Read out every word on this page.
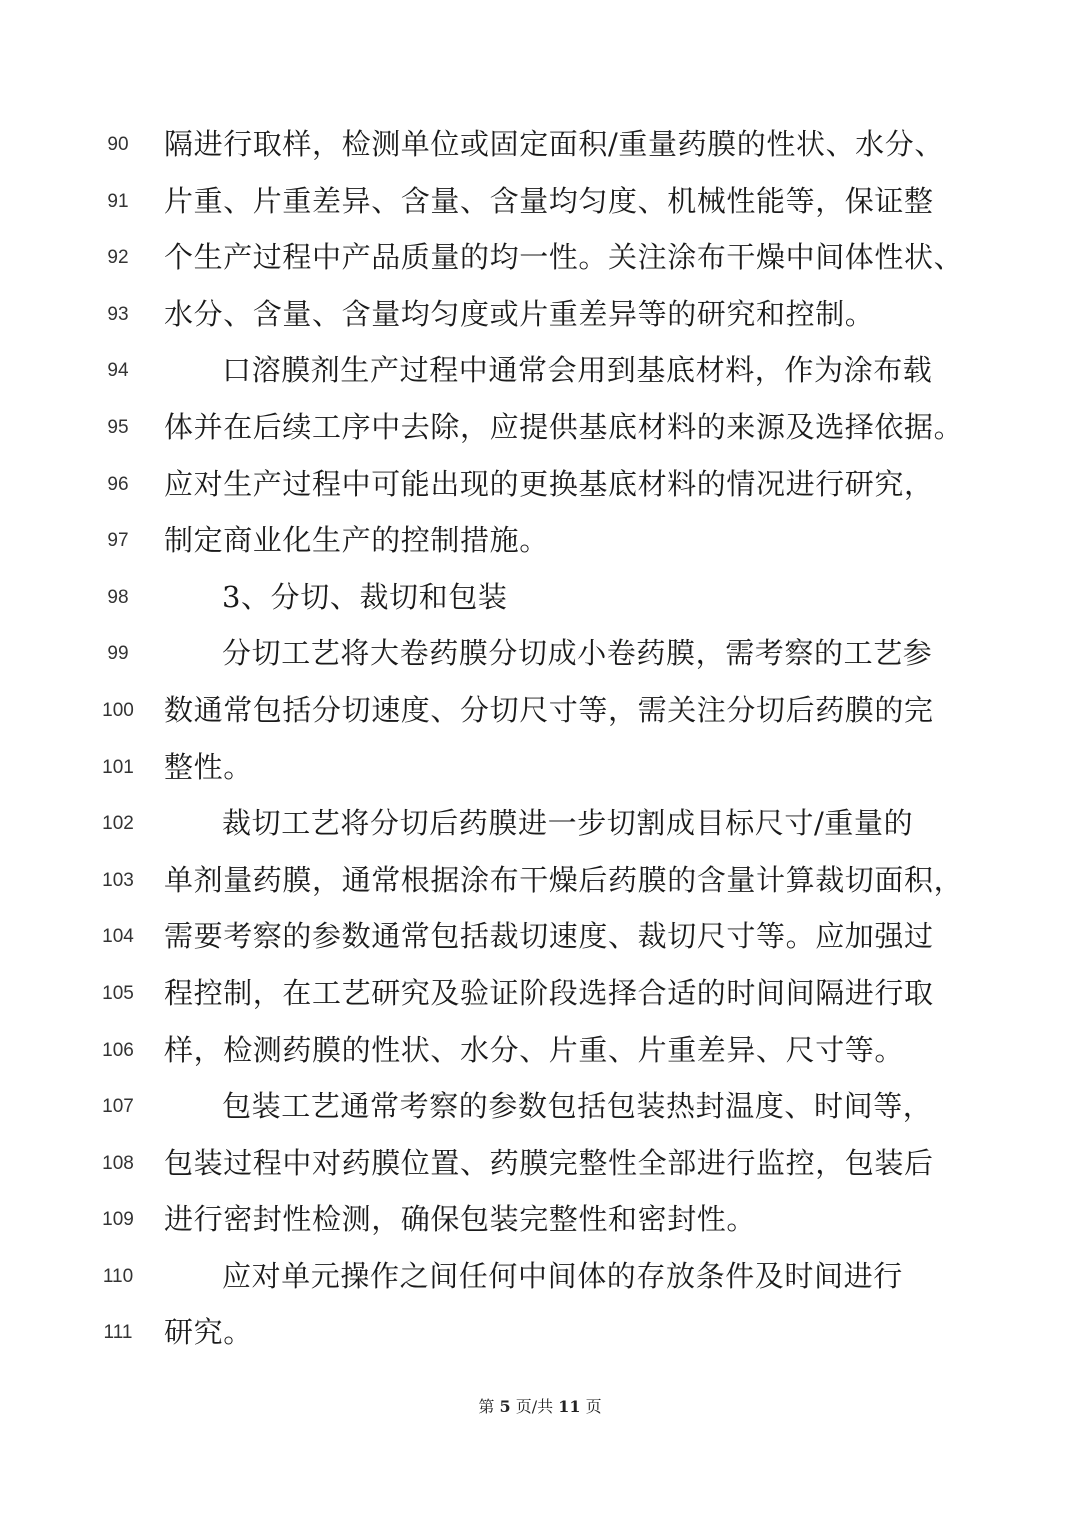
90	隔进行取样，检测单位或固定面积/重量药膜的性状、水分、
91	片重、片重差异、含量、含量均匀度、机械性能等，保证整
92	个生产过程中产品质量的均一性。关注涂布干燥中间体性状、
93	水分、含量、含量均匀度或片重差异等的研究和控制。
94	口溶膜剂生产过程中通常会用到基底材料，作为涂布载
95	体并在后续工序中去除，应提供基底材料的来源及选择依据。
96	应对生产过程中可能出现的更换基底材料的情况进行研究，
97	制定商业化生产的控制措施。
98	3、分切、裁切和包装
99	分切工艺将大卷药膜分切成小卷药膜，需考察的工艺参
100	数通常包括分切速度、分切尺寸等，需关注分切后药膜的完
101	整性。
102	裁切工艺将分切后药膜进一步切割成目标尺寸/重量的
103	单剂量药膜，通常根据涂布干燥后药膜的含量计算裁切面积，
104	需要考察的参数通常包括裁切速度、裁切尺寸等。应加强过
105	程控制，在工艺研究及验证阶段选择合适的时间间隔进行取
106	样，检测药膜的性状、水分、片重、片重差异、尺寸等。
107	包装工艺通常考察的参数包括包装热封温度、时间等，
108	包装过程中对药膜位置、药膜完整性全部进行监控，包装后
109	进行密封性检测，确保包装完整性和密封性。
110	应对单元操作之间任何中间体的存放条件及时间进行
111	研究。
第 5 页/共 11 页
